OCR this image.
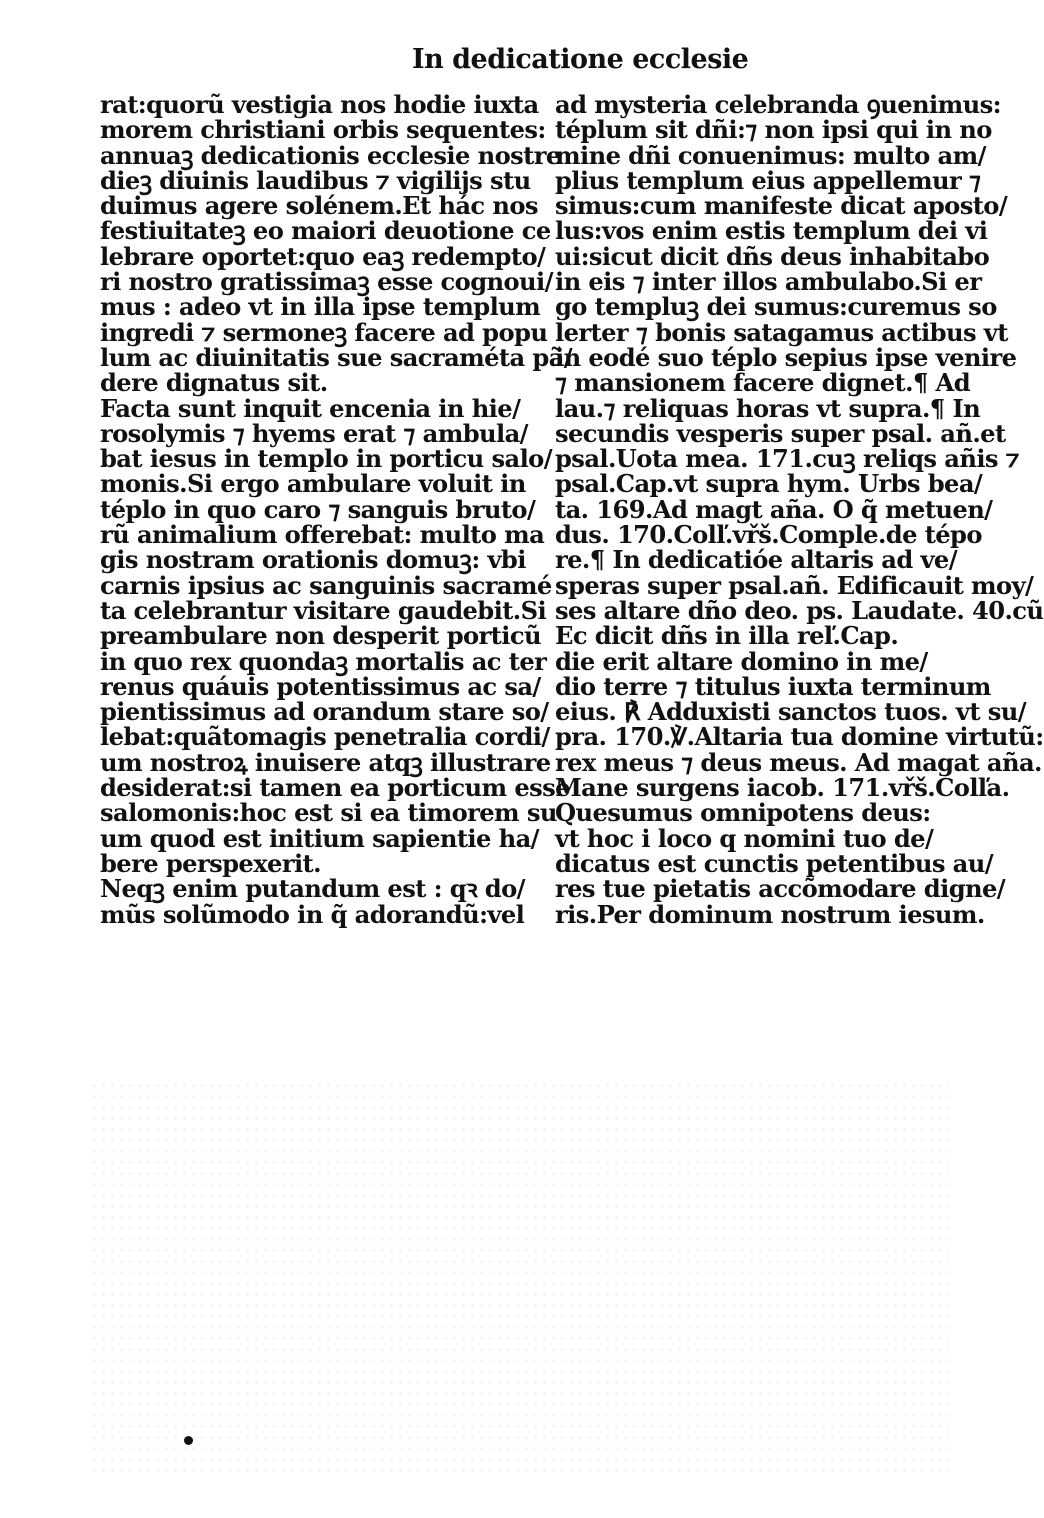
In dedicatione ecclesie
rat:quorũ vestigia nos hodie iuxta
morem christiani orbis sequentes:
annuaꝫ dedicationis ecclesie nostre
dieꝫ diuinis laudibus ⁊ vigilijs stu
duimus agere solénem.Et hác nos
festiuitateꝫ eo maiori deuotione ce
lebrare oportet:quo eaꝫ redempto/
ri nostro gratissimaꝫ esse cognoui/
mus : adeo vt in illa ipse templum
ingredi ⁊ sermoneꝫ facere ad popu
lum ac diuinitatis sue sacraméta pã/
dere dignatus sit.
Facta sunt inquit encenia in hie/
rosolymis ⁊ hyems erat ⁊ ambula/
bat iesus in templo in porticu salo/
monis.Si ergo ambulare voluit in
téplo in quo caro ⁊ sanguis bruto/
rũ animalium offerebat: multo ma
gis nostram orationis domuꝫ: vbi
carnis ipsius ac sanguinis sacramé
ta celebrantur visitare gaudebit.Si
preambulare non desperit porticũ
in quo rex quondaꝫ mortalis ac ter
renus quáuis potentissimus ac sa/
pientissimus ad orandum stare so/
lebat:quãtomagis penetralia cordi/
um nostroꝝ inuisere atqꝫ illustrare
desiderat:si tamen ea porticum esse
salomonis:hoc est si ea timorem su
um quod est initium sapientie ha/
bere perspexerit.
Neqꝫ enim putandum est : qꝛ do/
mũs solũmodo in q̃ adorandũ:vel
ad mysteria celebranda ꝯuenimus:
téplum sit dñi:⁊ non ipsi qui in no
mine dñi conuenimus: multo am/
plius templum eius appellemur ⁊
simus:cum manifeste dicat aposto/
lus:vos enim estis templum dei vi
ui:sicut dicit dñs deus inhabitabo
in eis ⁊ inter illos ambulabo.Si er
go templuꝫ dei sumus:curemus so
lerter ⁊ bonis satagamus actibus vt
in eodé suo téplo sepius ipse venire
⁊ mansionem facere dignet.¶ Ad
lau.⁊ reliquas horas vt supra.¶ In
secundis vesperis super psal. añ.et
psal.Uota mea. 171.cuꝫ reliqs añis ⁊
psal.Cap.vt supra hym. Urbs bea/
ta. 169.Ad magt aña. O q̃ metuen/
dus. 170.Colľ.vřš.Comple.de tépo
re.¶ In dedicatióe altaris ad ve/
speras super psal.añ. Edificauit moy/
ses altare dño deo. ps. Laudate. 40.cũ
Ec dicit dñs in illa reľ.Cap.
die erit altare domino in me/
dio terre ⁊ titulus iuxta terminum
eius. ℟ Adduxisti sanctos tuos. vt su/
pra. 170.℣.Altaria tua domine virtutũ:
rex meus ⁊ deus meus. Ad magat aña.
Mane surgens iacob. 171.vřš.Colľa.
Quesumus omnipotens deus:
vt hoc i loco q nomini tuo de/
dicatus est cunctis petentibus au/
res tue pietatis accõmodare digne/
ris.Per dominum nostrum iesum.
